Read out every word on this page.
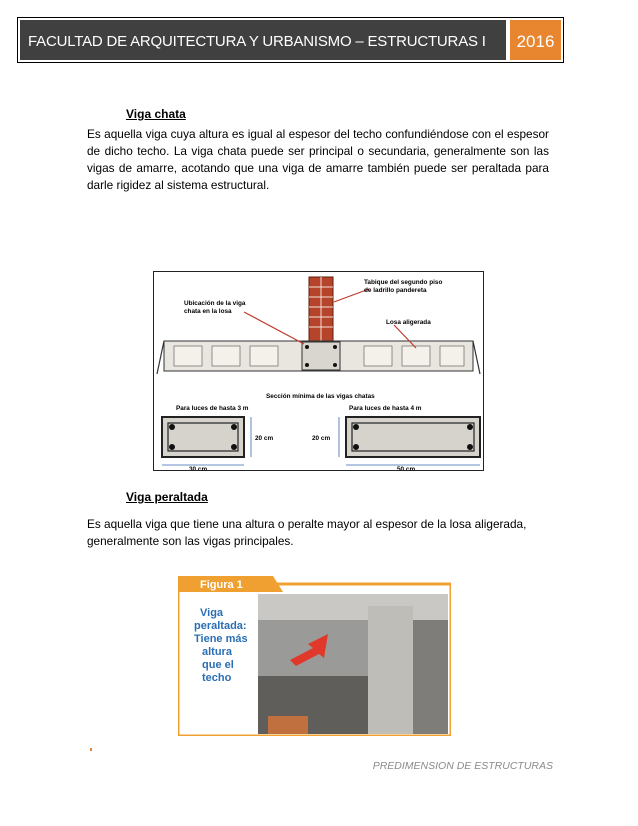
FACULTAD DE ARQUITECTURA Y URBANISMO – ESTRUCTURAS I	2016
Viga chata
Es aquella viga cuya altura es igual al espesor del techo confundiéndose con el espesor de dicho techo. La viga chata puede ser principal o secundaria, generalmente son las vigas de amarre, acotando que una viga de amarre también puede ser peraltada para darle rigidez al sistema estructural.
Tabique del segundo piso
de ladrillo pandereta
Ubicación de la viga
chata en la losa
Losa aligerada
Sección mínima de las vigas chatas
Para luces de hasta 3 m	Para luces de hasta 4 m
20 cm	20 cm
30 cm	50 cm
Viga peraltada
Es aquella viga que tiene una altura o peralte mayor al espesor de la losa aligerada, generalmente son las vigas principales.
Figura 1
Viga
peraltada:
Tiene más
altura
que el
techo
PREDIMENSION DE ESTRUCTURAS
